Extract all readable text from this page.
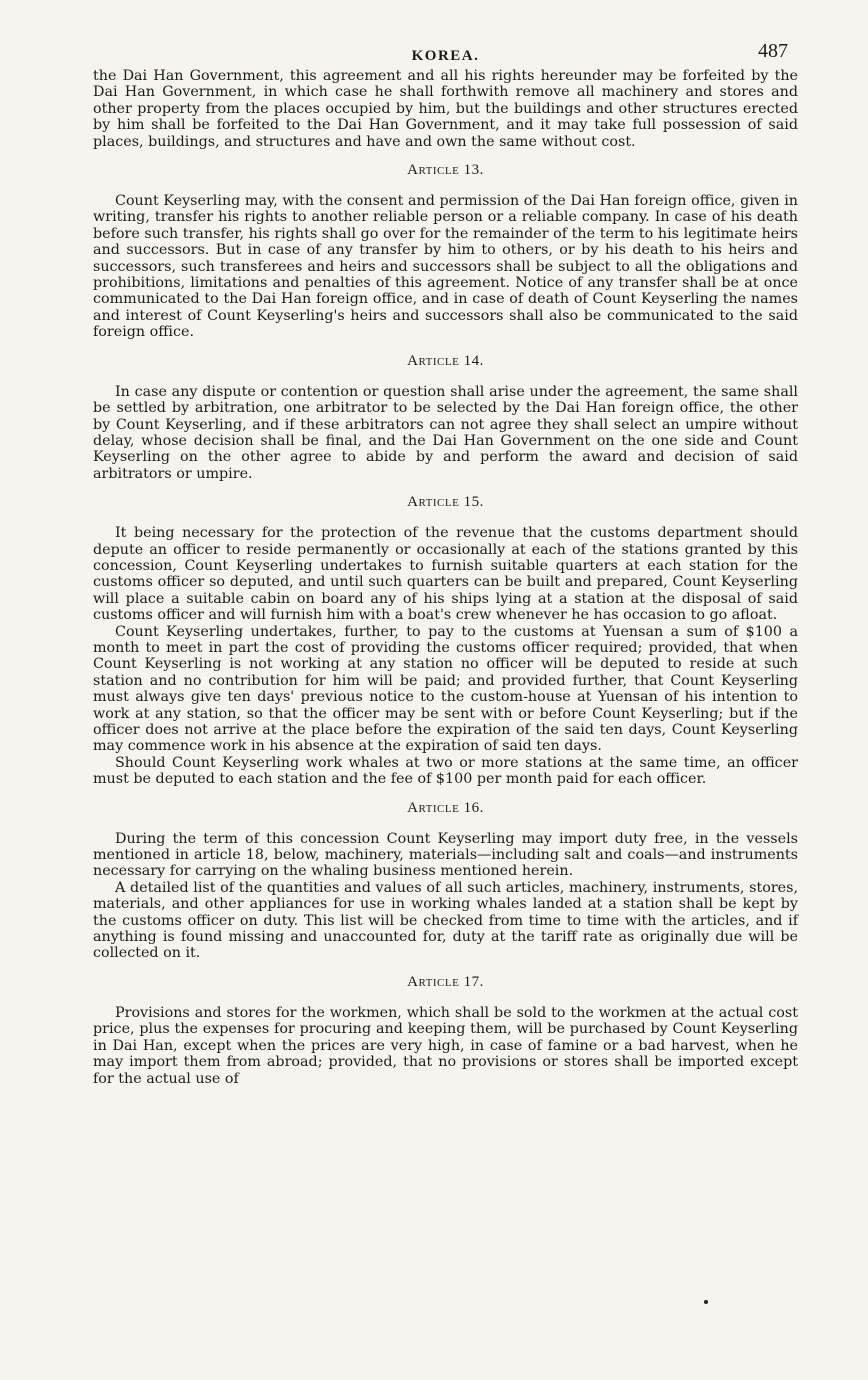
KOREA.	487

the Dai Han Government, this agreement and all his rights hereunder may be forfeited by the Dai Han Government, in which case he shall forthwith remove all machinery and stores and other property from the places occupied by him, but the buildings and other structures erected by him shall be forfeited to the Dai Han Government, and it may take full possession of said places, buildings, and structures and have and own the same without cost.

Article 13.

Count Keyserling may, with the consent and permission of the Dai Han foreign office, given in writing, transfer his rights to another reliable person or a reliable company. In case of his death before such transfer, his rights shall go over for the remainder of the term to his legitimate heirs and successors. But in case of any transfer by him to others, or by his death to his heirs and successors, such transferees and heirs and successors shall be subject to all the obligations and prohibitions, limitations and penalties of this agreement. Notice of any transfer shall be at once communicated to the Dai Han foreign office, and in case of death of Count Keyserling the names and interest of Count Keyserling's heirs and successors shall also be communicated to the said foreign office.

Article 14.

In case any dispute or contention or question shall arise under the agreement, the same shall be settled by arbitration, one arbitrator to be selected by the Dai Han foreign office, the other by Count Keyserling, and if these arbitrators can not agree they shall select an umpire without delay, whose decision shall be final, and the Dai Han Government on the one side and Count Keyserling on the other agree to abide by and perform the award and decision of said arbitrators or umpire.

Article 15.

It being necessary for the protection of the revenue that the customs department should depute an officer to reside permanently or occasionally at each of the stations granted by this concession, Count Keyserling undertakes to furnish suitable quarters at each station for the customs officer so deputed, and until such quarters can be built and prepared, Count Keyserling will place a suitable cabin on board any of his ships lying at a station at the disposal of said customs officer and will furnish him with a boat's crew whenever he has occasion to go afloat.

Count Keyserling undertakes, further, to pay to the customs at Yuensan a sum of $100 a month to meet in part the cost of providing the customs officer required; provided, that when Count Keyserling is not working at any station no officer will be deputed to reside at such station and no contribution for him will be paid; and provided further, that Count Keyserling must always give ten days' previous notice to the custom-house at Yuensan of his intention to work at any station, so that the officer may be sent with or before Count Keyserling; but if the officer does not arrive at the place before the expiration of the said ten days, Count Keyserling may commence work in his absence at the expiration of said ten days.

Should Count Keyserling work whales at two or more stations at the same time, an officer must be deputed to each station and the fee of $100 per month paid for each officer.

Article 16.

During the term of this concession Count Keyserling may import duty free, in the vessels mentioned in article 18, below, machinery, materials—including salt and coals—and instruments necessary for carrying on the whaling business mentioned herein.

A detailed list of the quantities and values of all such articles, machinery, instruments, stores, materials, and other appliances for use in working whales landed at a station shall be kept by the customs officer on duty. This list will be checked from time to time with the articles, and if anything is found missing and unaccounted for, duty at the tariff rate as originally due will be collected on it.

Article 17.

Provisions and stores for the workmen, which shall be sold to the workmen at the actual cost price, plus the expenses for procuring and keeping them, will be purchased by Count Keyserling in Dai Han, except when the prices are very high, in case of famine or a bad harvest, when he may import them from abroad; provided, that no provisions or stores shall be imported except for the actual use of
